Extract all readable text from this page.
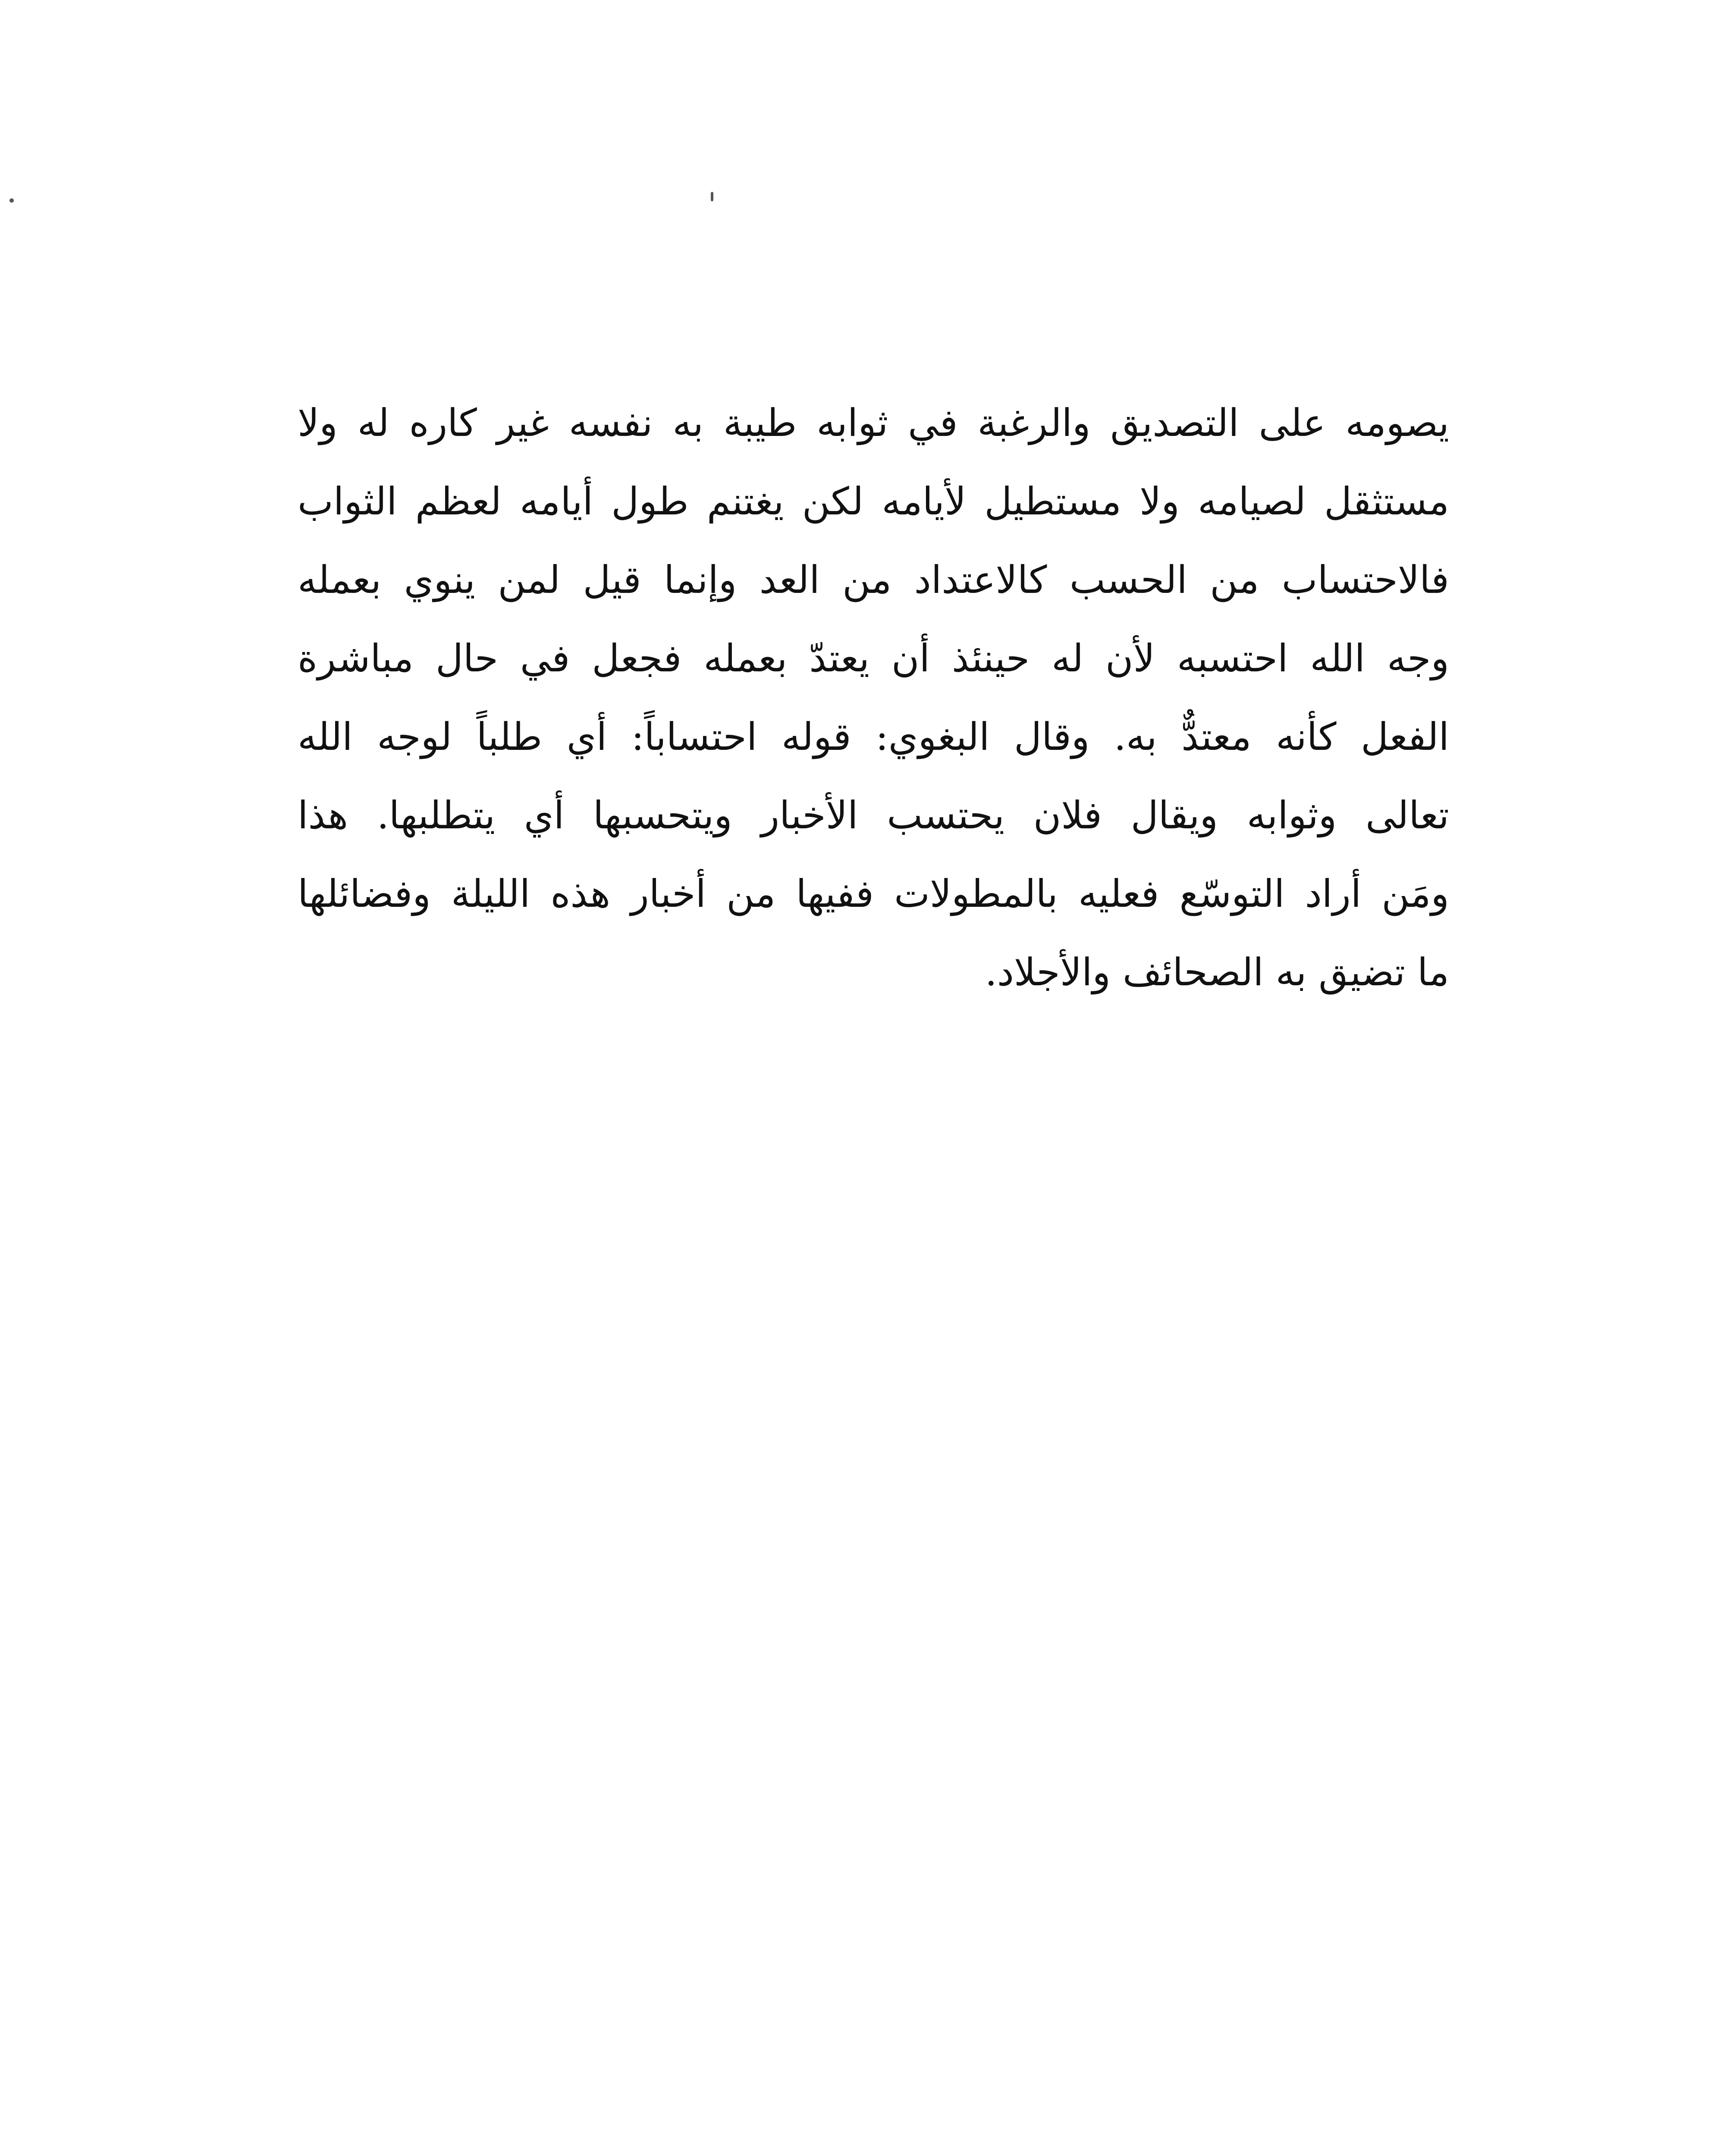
يصومه على التصديق والرغبة في ثوابه طيبة به نفسه غير كاره له ولا
مستثقل لصيامه ولا مستطيل لأيامه لكن يغتنم طول أيامه لعظم الثواب
فالاحتساب من الحسب كالاعتداد من العد وإنما قيل لمن ينوي بعمله
وجه الله احتسبه لأن له حينئذ أن يعتدّ بعمله فجعل في حال مباشرة
الفعل كأنه معتدٌّ به. وقال البغوي: قوله احتساباً: أي طلباً لوجه الله
تعالى وثوابه ويقال فلان يحتسب الأخبار ويتحسبها أي يتطلبها. هذا
ومَن أراد التوسّع فعليه بالمطولات ففيها من أخبار هذه الليلة وفضائلها
ما تضيق به الصحائف والأجلاد.
